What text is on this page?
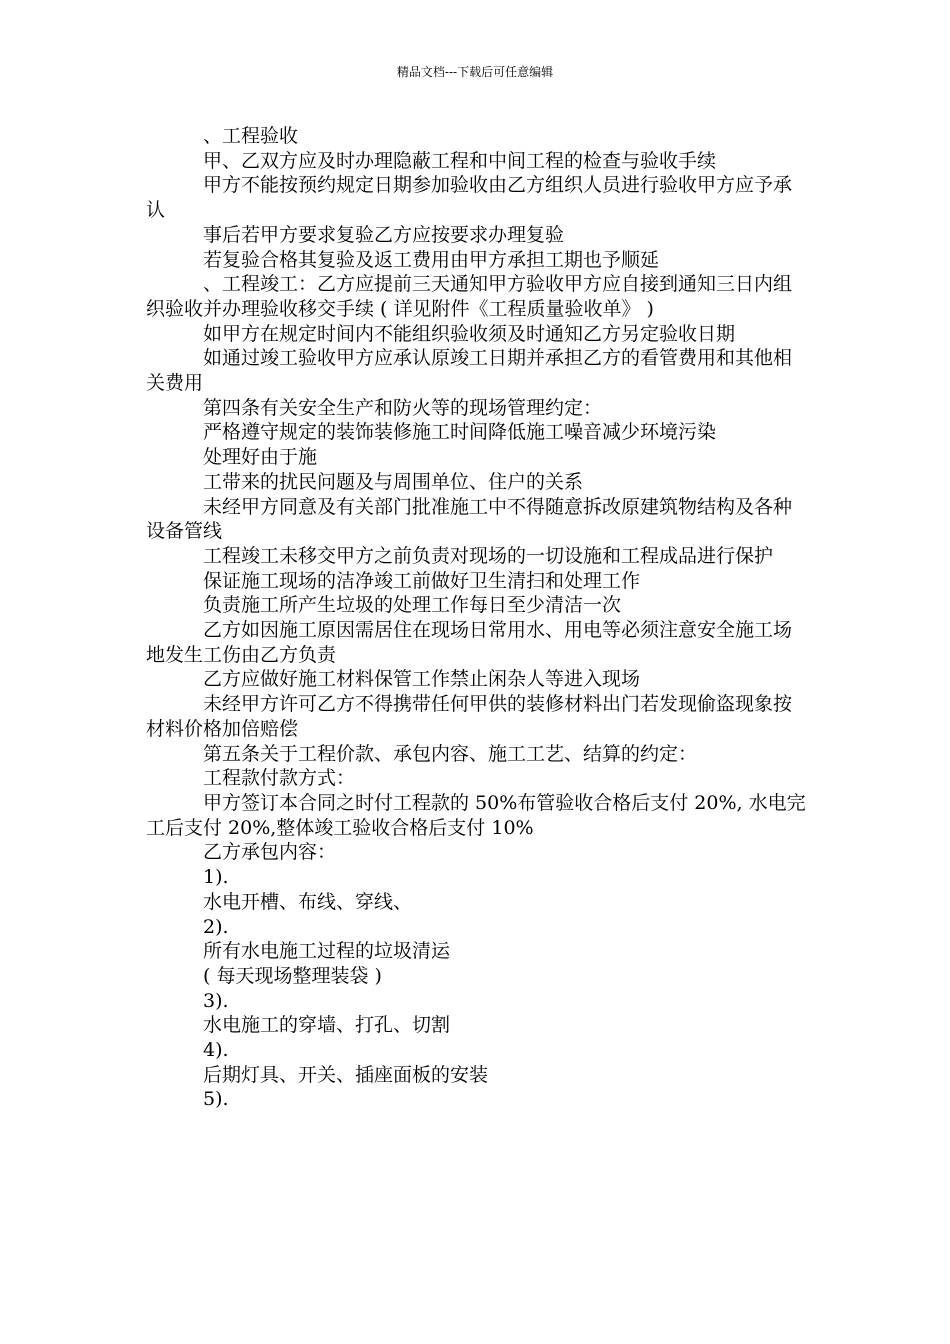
精品文档---下载后可任意编辑

、工程验收

甲、乙双方应及时办理隐蔽工程和中间工程的检查与验收手续

甲方不能按预约规定日期参加验收由乙方组织人员进行验收甲方应予承认

事后若甲方要求复验乙方应按要求办理复验

若复验合格其复验及返工费用由甲方承担工期也予顺延

、工程竣工：乙方应提前三天通知甲方验收甲方应自接到通知三日内组织验收并办理验收移交手续 ( 详见附件《工程质量验收单》 )

如甲方在规定时间内不能组织验收须及时通知乙方另定验收日期

如通过竣工验收甲方应承认原竣工日期并承担乙方的看管费用和其他相关费用

第四条有关安全生产和防火等的现场管理约定：

严格遵守规定的装饰装修施工时间降低施工噪音减少环境污染

处理好由于施

工带来的扰民问题及与周围单位、住户的关系

未经甲方同意及有关部门批准施工中不得随意拆改原建筑物结构及各种设备管线

工程竣工未移交甲方之前负责对现场的一切设施和工程成品进行保护

保证施工现场的洁净竣工前做好卫生清扫和处理工作

负责施工所产生垃圾的处理工作每日至少清洁一次

乙方如因施工原因需居住在现场日常用水、用电等必须注意安全施工场地发生工伤由乙方负责

乙方应做好施工材料保管工作禁止闲杂人等进入现场

未经甲方许可乙方不得携带任何甲供的装修材料出门若发现偷盗现象按材料价格加倍赔偿

第五条关于工程价款、承包内容、施工工艺、结算的约定：

工程款付款方式：

甲方签订本合同之时付工程款的 50%布管验收合格后支付 20%, 水电完工后支付 20%,整体竣工验收合格后支付 10%

乙方承包内容：

1).

水电开槽、布线、穿线、

2).

所有水电施工过程的垃圾清运

( 每天现场整理装袋 )

3).

水电施工的穿墙、打孔、切割

4).

后期灯具、开关、插座面板的安装

5).
